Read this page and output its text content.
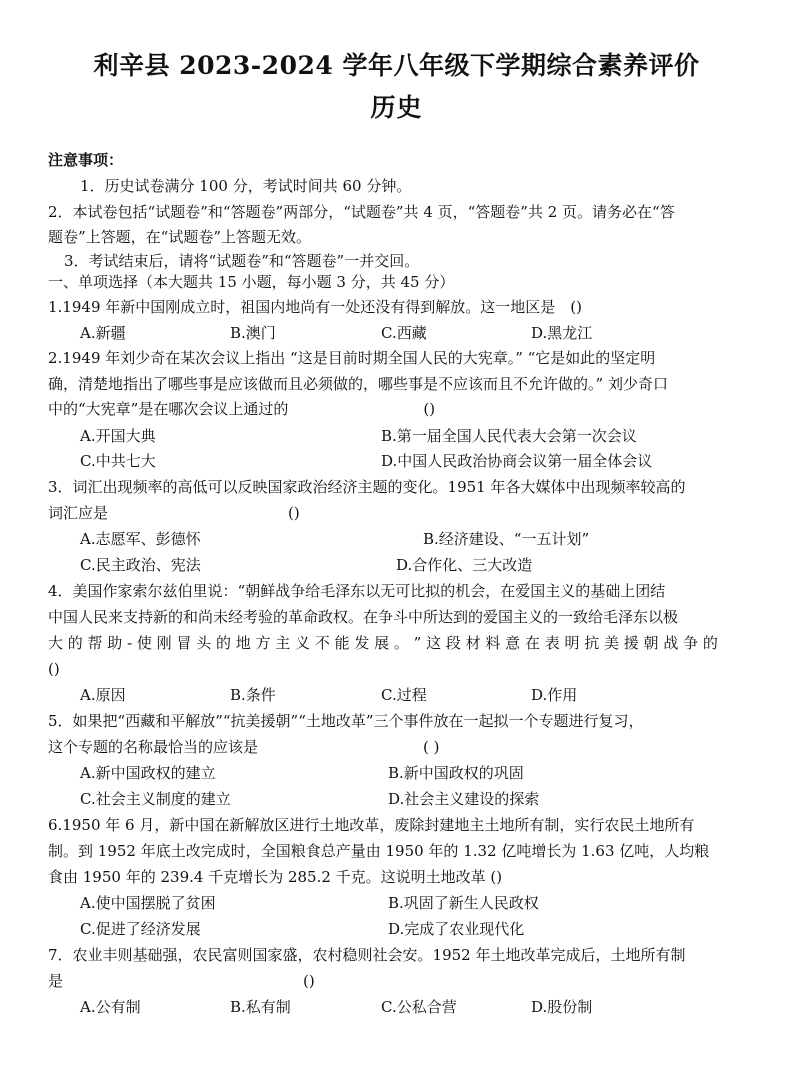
利辛县 2023-2024 学年八年级下学期综合素养评价
历史
注意事项：
1．历史试卷满分 100 分，考试时间共 60 分钟。
2．本试卷包括“试题卷”和“答题卷”两部分，“试题卷”共 4 页，“答题卷”共 2 页。请务必在“答
题卷”上答题，在“试题卷”上答题无效。
3．考试结束后，请将“试题卷”和“答题卷”一并交回。
一、单项选择（本大题共 15 小题，每小题 3 分，共 45 分）
1.1949 年新中国刚成立时，祖国内地尚有一处还没有得到解放。这一地区是　()
A.新疆	B.澳门	C.西藏	D.黑龙江
2.1949 年刘少奇在某次会议上指出 “这是目前时期全国人民的大宪章。” “它是如此的坚定明
确，清楚地指出了哪些事是应该做而且必须做的，哪些事是不应该而且不允许做的。” 刘少奇口
中的“大宪章”是在哪次会议上通过的　　　　　　　　　()
A.开国大典	B.第一届全国人民代表大会第一次会议
C.中共七大	D.中国人民政治协商会议第一届全体会议
3．词汇出现频率的高低可以反映国家政治经济主题的变化。1951 年各大媒体中出现频率较高的
词汇应是　　　　　　　　　　　　()
A.志愿军、彭德怀	B.经济建设、“一五计划”
C.民主政治、宪法	D.合作化、三大改造
4．美国作家索尔兹伯里说：“朝鲜战争给毛泽东以无可比拟的机会，在爱国主义的基础上团结
中国人民来支持新的和尚未经考验的革命政权。在争斗中所达到的爱国主义的一致给毛泽东以极
大 的 帮 助 - 使 刚 冒 头 的 地 方 主 义 不 能 发 展 。 ” 这 段 材 料 意 在 表 明 抗 美 援 朝 战 争 的
()
A.原因	B.条件	C.过程	D.作用
5．如果把“西藏和平解放”“抗美援朝”“土地改革”三个事件放在一起拟一个专题进行复习，
这个专题的名称最恰当的应该是　　　　　　　　　　　( )
A.新中国政权的建立	B.新中国政权的巩固
C.社会主义制度的建立	D.社会主义建设的探索
6.1950 年 6 月，新中国在新解放区进行土地改革，废除封建地主土地所有制，实行农民土地所有
制。到 1952 年底土改完成时，全国粮食总产量由 1950 年的 1.32 亿吨增长为 1.63 亿吨，人均粮
食由 1950 年的 239.4 千克增长为 285.2 千克。这说明土地改革 ()
A.使中国摆脱了贫困	B.巩固了新生人民政权
C.促进了经济发展	D.完成了农业现代化
7．农业丰则基础强，农民富则国家盛，农村稳则社会安。1952 年土地改革完成后，土地所有制
是　　　　　　　　　　　　　　　　()
A.公有制	B.私有制	C.公私合营	D.股份制
